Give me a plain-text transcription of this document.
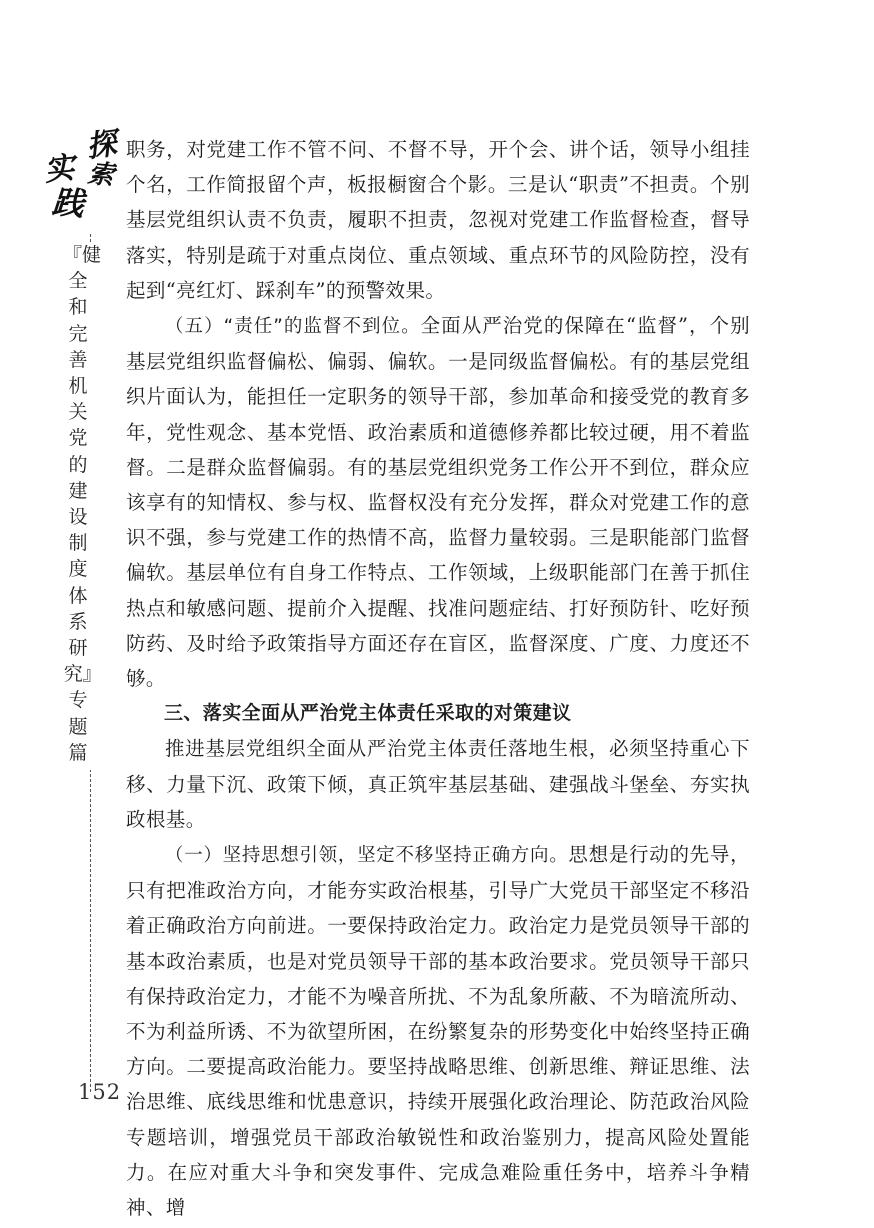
探
索
实
践
『健全和完善机关党的建设制度体系研究』专题篇
152

职务，对党建工作不管不问、不督不导，开个会、讲个话，领导小组挂个名，工作简报留个声，板报橱窗合个影。三是认“职责”不担责。个别基层党组织认责不负责，履职不担责，忽视对党建工作监督检查，督导落实，特别是疏于对重点岗位、重点领域、重点环节的风险防控，没有起到“亮红灯、踩刹车”的预警效果。

（五）“责任”的监督不到位。全面从严治党的保障在“监督”，个别基层党组织监督偏松、偏弱、偏软。一是同级监督偏松。有的基层党组织片面认为，能担任一定职务的领导干部，参加革命和接受党的教育多年，党性观念、基本党悟、政治素质和道德修养都比较过硬，用不着监督。二是群众监督偏弱。有的基层党组织党务工作公开不到位，群众应该享有的知情权、参与权、监督权没有充分发挥，群众对党建工作的意识不强，参与党建工作的热情不高，监督力量较弱。三是职能部门监督偏软。基层单位有自身工作特点、工作领域，上级职能部门在善于抓住热点和敏感问题、提前介入提醒、找准问题症结、打好预防针、吃好预防药、及时给予政策指导方面还存在盲区，监督深度、广度、力度还不够。

三、落实全面从严治党主体责任采取的对策建议

推进基层党组织全面从严治党主体责任落地生根，必须坚持重心下移、力量下沉、政策下倾，真正筑牢基层基础、建强战斗堡垒、夯实执政根基。

（一）坚持思想引领，坚定不移坚持正确方向。思想是行动的先导，只有把准政治方向，才能夯实政治根基，引导广大党员干部坚定不移沿着正确政治方向前进。一要保持政治定力。政治定力是党员领导干部的基本政治素质，也是对党员领导干部的基本政治要求。党员领导干部只有保持政治定力，才能不为噪音所扰、不为乱象所蔽、不为暗流所动、不为利益所诱、不为欲望所困，在纷繁复杂的形势变化中始终坚持正确方向。二要提高政治能力。要坚持战略思维、创新思维、辩证思维、法治思维、底线思维和忧患意识，持续开展强化政治理论、防范政治风险专题培训，增强党员干部政治敏锐性和政治鉴别力，提高风险处置能力。在应对重大斗争和突发事件、完成急难险重任务中，培养斗争精神、增
